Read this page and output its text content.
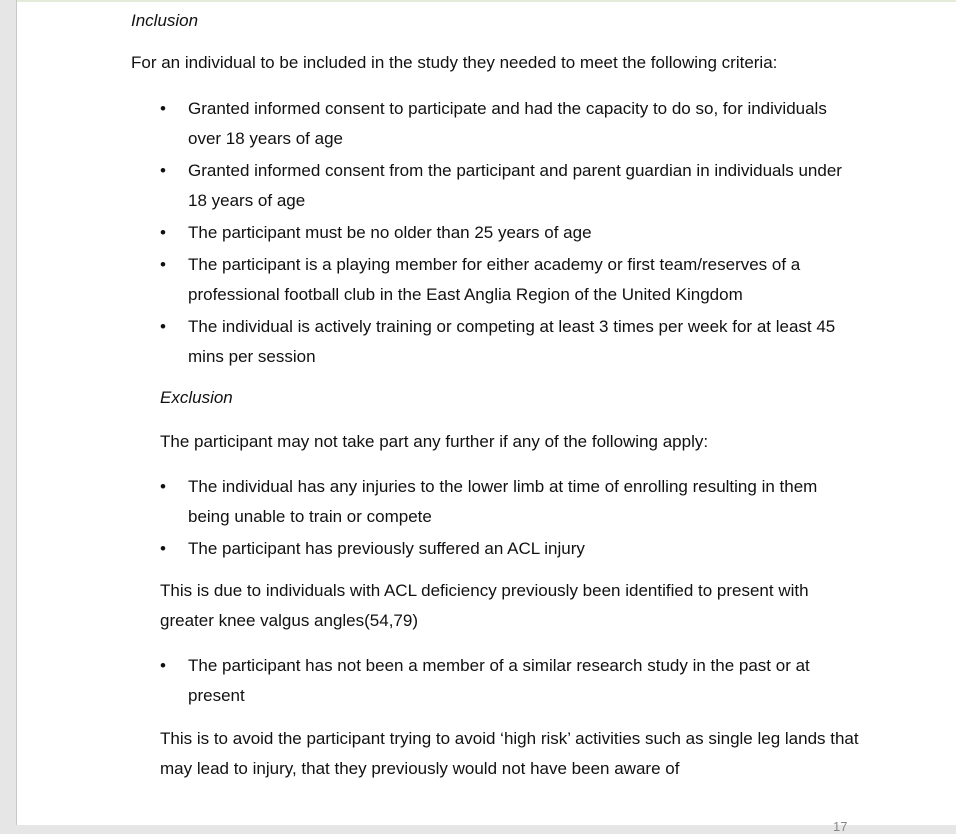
Inclusion
For an individual to be included in the study they needed to meet the following criteria:
• Granted informed consent to participate and had the capacity to do so, for individuals over 18 years of age
• Granted informed consent from the participant and parent guardian in individuals under 18 years of age
• The participant must be no older than 25 years of age
• The participant is a playing member for either academy or first team/reserves of a professional football club in the East Anglia Region of the United Kingdom
• The individual is actively training or competing at least 3 times per week for at least 45 mins per session
Exclusion
The participant may not take part any further if any of the following apply:
• The individual has any injuries to the lower limb at time of enrolling resulting in them being unable to train or compete
• The participant has previously suffered an ACL injury
This is due to individuals with ACL deficiency previously been identified to present with greater knee valgus angles(54,79)
• The participant has not been a member of a similar research study in the past or at present
This is to avoid the participant trying to avoid ‘high risk’ activities such as single leg lands that may lead to injury, that they previously would not have been aware of
17
